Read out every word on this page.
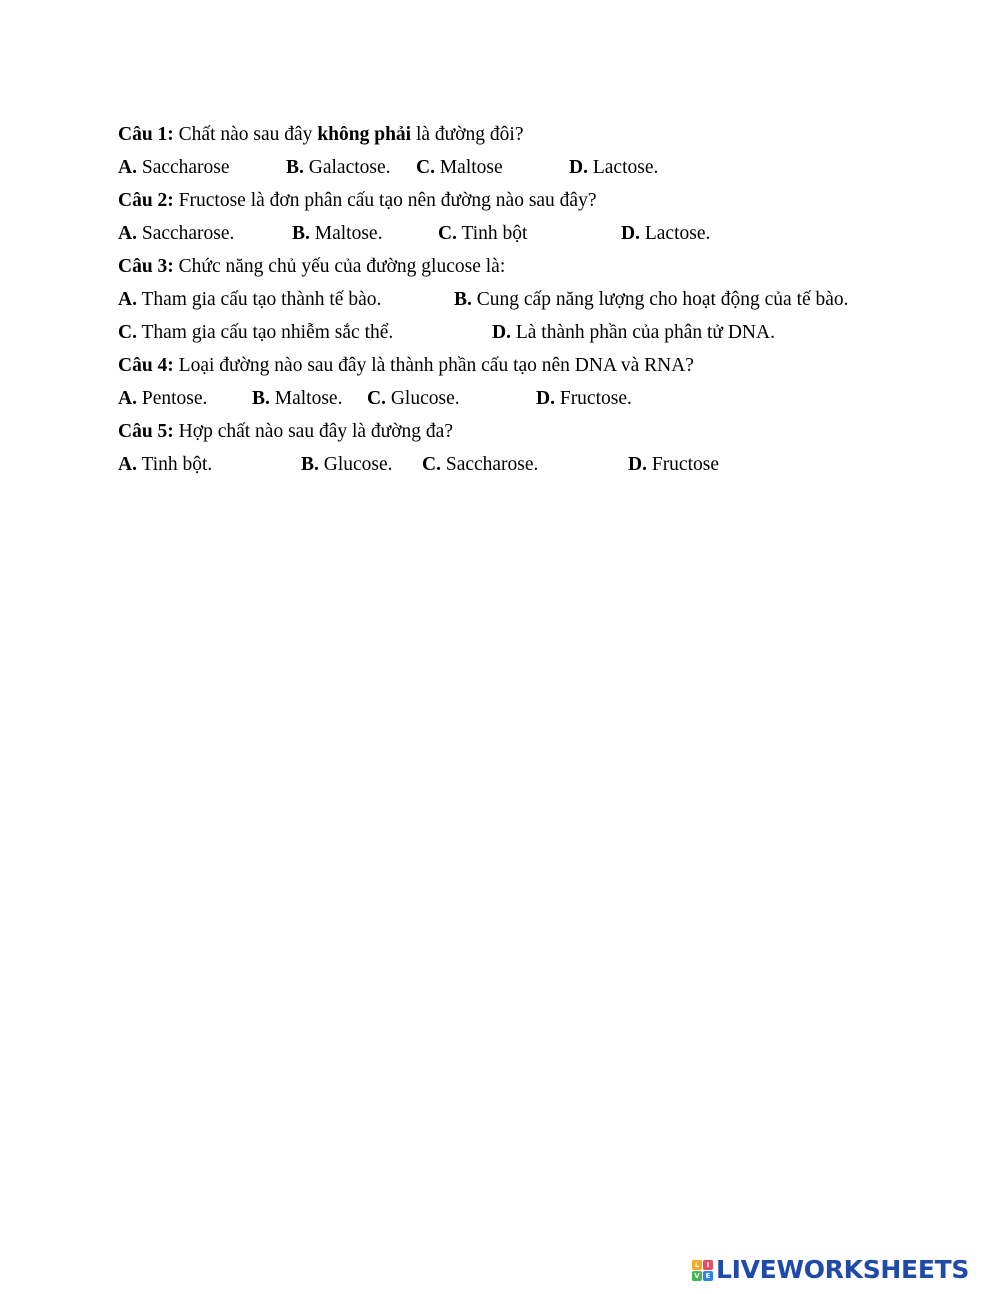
Câu 1: Chất nào sau đây không phải là đường đôi?
A. Saccharose	B. Galactose. C. Maltose	D. Lactose.
Câu 2: Fructose là đơn phân cấu tạo nên đường nào sau đây?
A. Saccharose.	B. Maltose.	C. Tinh bột	D. Lactose.
Câu 3: Chức năng chủ yếu của đường glucose là:
A. Tham gia cấu tạo thành tế bào.	B. Cung cấp năng lượng cho hoạt động của tế bào.
C. Tham gia cấu tạo nhiễm sắc thể.	D. Là thành phần của phân tử DNA.
Câu 4: Loại đường nào sau đây là thành phần cấu tạo nên DNA và RNA?
A. Pentose. B. Maltose. C. Glucose.	D. Fructose.
Câu 5: Hợp chất nào sau đây là đường đa?
A. Tinh bột.	B. Glucose. C. Saccharose.	D. Fructose
L	I
V E LIVEWORKSHEETS
